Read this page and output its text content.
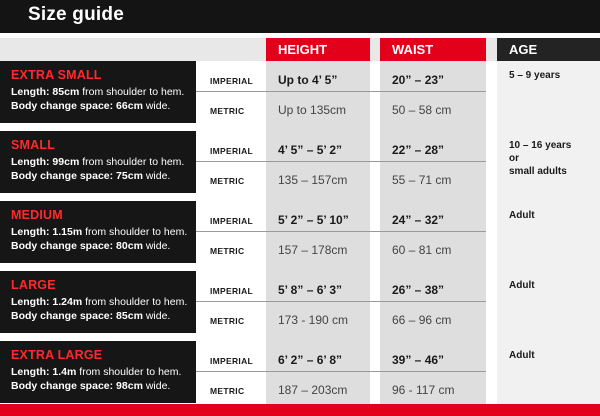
Size guide
HEIGHT	WAIST	AGE
EXTRA SMALL
Length: 85cm from shoulder to hem.
Body change space: 66cm wide.
IMPERIAL
METRIC
Up to 4’ 5”
Up to 135cm
20” – 23”
50 – 58 cm
5 – 9 years
SMALL
Length: 99cm from shoulder to hem.
Body change space: 75cm wide.
IMPERIAL
METRIC
4’ 5” – 5’ 2”
135 – 157cm
22” – 28”
55 – 71 cm
10 – 16 years
or
small adults
MEDIUM
Length: 1.15m from shoulder to hem.
Body change space: 80cm wide.
IMPERIAL
METRIC
5’ 2” – 5’ 10”
157 – 178cm
24” – 32”
60 – 81 cm
Adult
LARGE
Length: 1.24m from shoulder to hem.
Body change space: 85cm wide.
IMPERIAL
METRIC
5’ 8” – 6’ 3”
173 - 190 cm
26” – 38”
66 – 96 cm
Adult
EXTRA LARGE
Length: 1.4m from shoulder to hem.
Body change space: 98cm wide.
IMPERIAL
METRIC
6’ 2” – 6’ 8”
187 – 203cm
39” – 46”
96 - 117 cm
Adult
